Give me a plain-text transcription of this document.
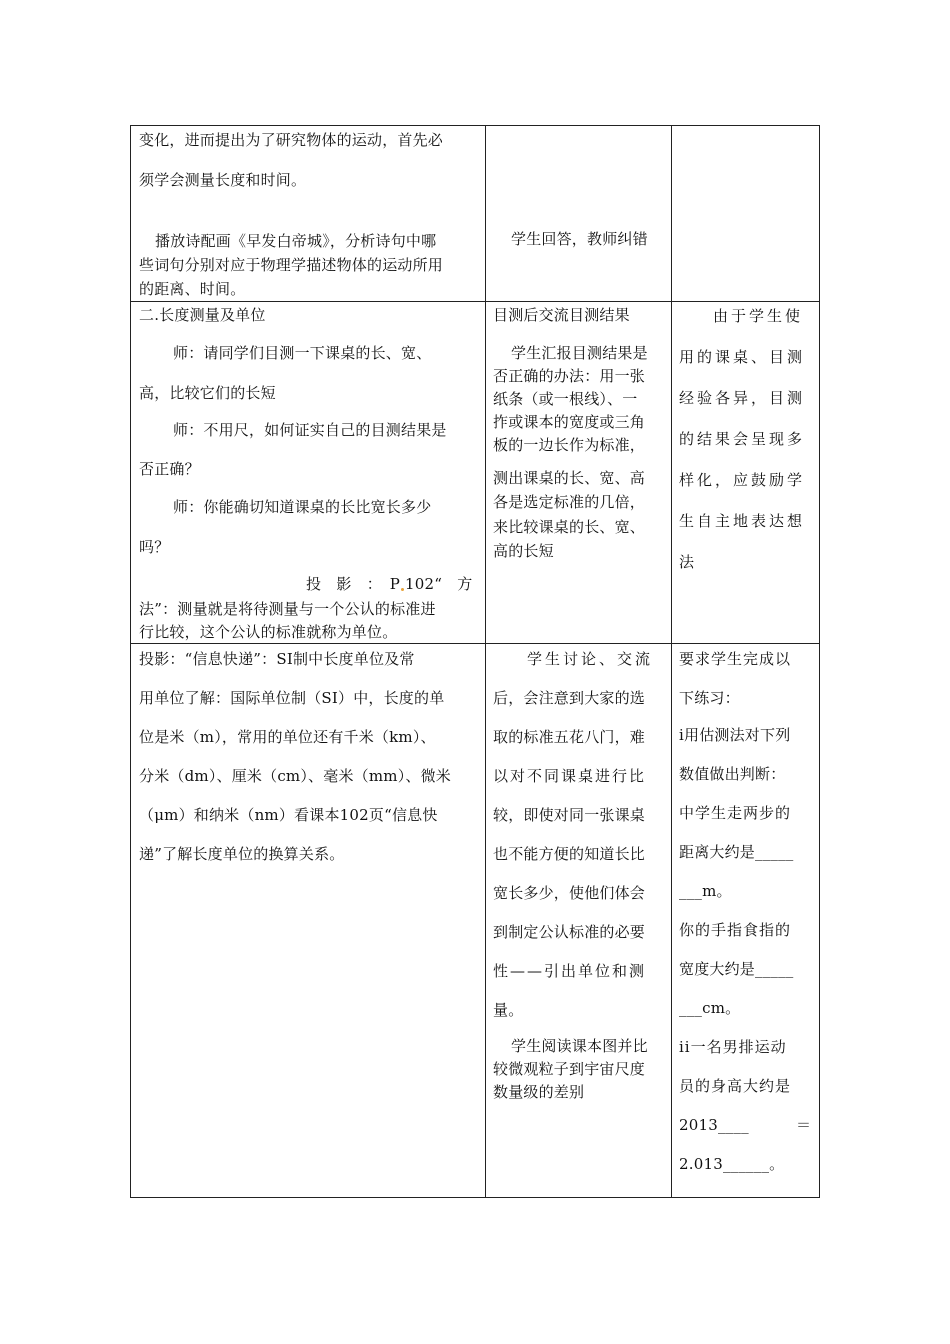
变化，进而提出为了研究物体的运动，首先必
须学会测量长度和时间。
播放诗配画《早发白帝城》，分析诗句中哪
些词句分别对应于物理学描述物体的运动所用
的距离、时间。
学生回答，教师纠错
二.长度测量及单位
师：请同学们目测一下课桌的长、宽、
高，比较它们的长短
师：不用尺，如何证实自己的目测结果是
否正确？
师：你能确切知道课桌的长比宽长多少
吗？
投　影　：　P 102“　方
法”：测量就是将待测量与一个公认的标准进
行比较，这个公认的标准就称为单位。
目测后交流目测结果
学生汇报目测结果是
否正确的办法：用一张
纸条（或一根线）、一
拃或课本的宽度或三角
板的一边长作为标准，
测出课桌的长、宽、高
各是选定标准的几倍，
来比较课桌的长、宽、
高的长短
由于学生使
用的课桌、目测
经验各异，目测
的结果会呈现多
样化，应鼓励学
生自主地表达想
法
投影：“信息快递”：SI制中长度单位及常
用单位了解：国际单位制（SI）中，长度的单
位是米（m），常用的单位还有千米（km）、
分米（dm）、厘米（cm）、毫米（mm）、微米
（μm）和纳米（nm）看课本102页“信息快
递”了解长度单位的换算关系。
学生讨论、交流
后，会注意到大家的选
取的标准五花八门，难
以对不同课桌进行比
较，即使对同一张课桌
也不能方便的知道长比
宽长多少，使他们体会
到制定公认标准的必要
性——引出单位和测
量。
学生阅读课本图并比
较微观粒子到宇宙尺度
数量级的差别
要求学生完成以
下练习：
i用估测法对下列
数值做出判断：
中学生走两步的
距离大约是_____
___m。
你的手指食指的
宽度大约是_____
___cm。
ii一名男排运动
员的身高大约是
2013____	＝
2.013______。
